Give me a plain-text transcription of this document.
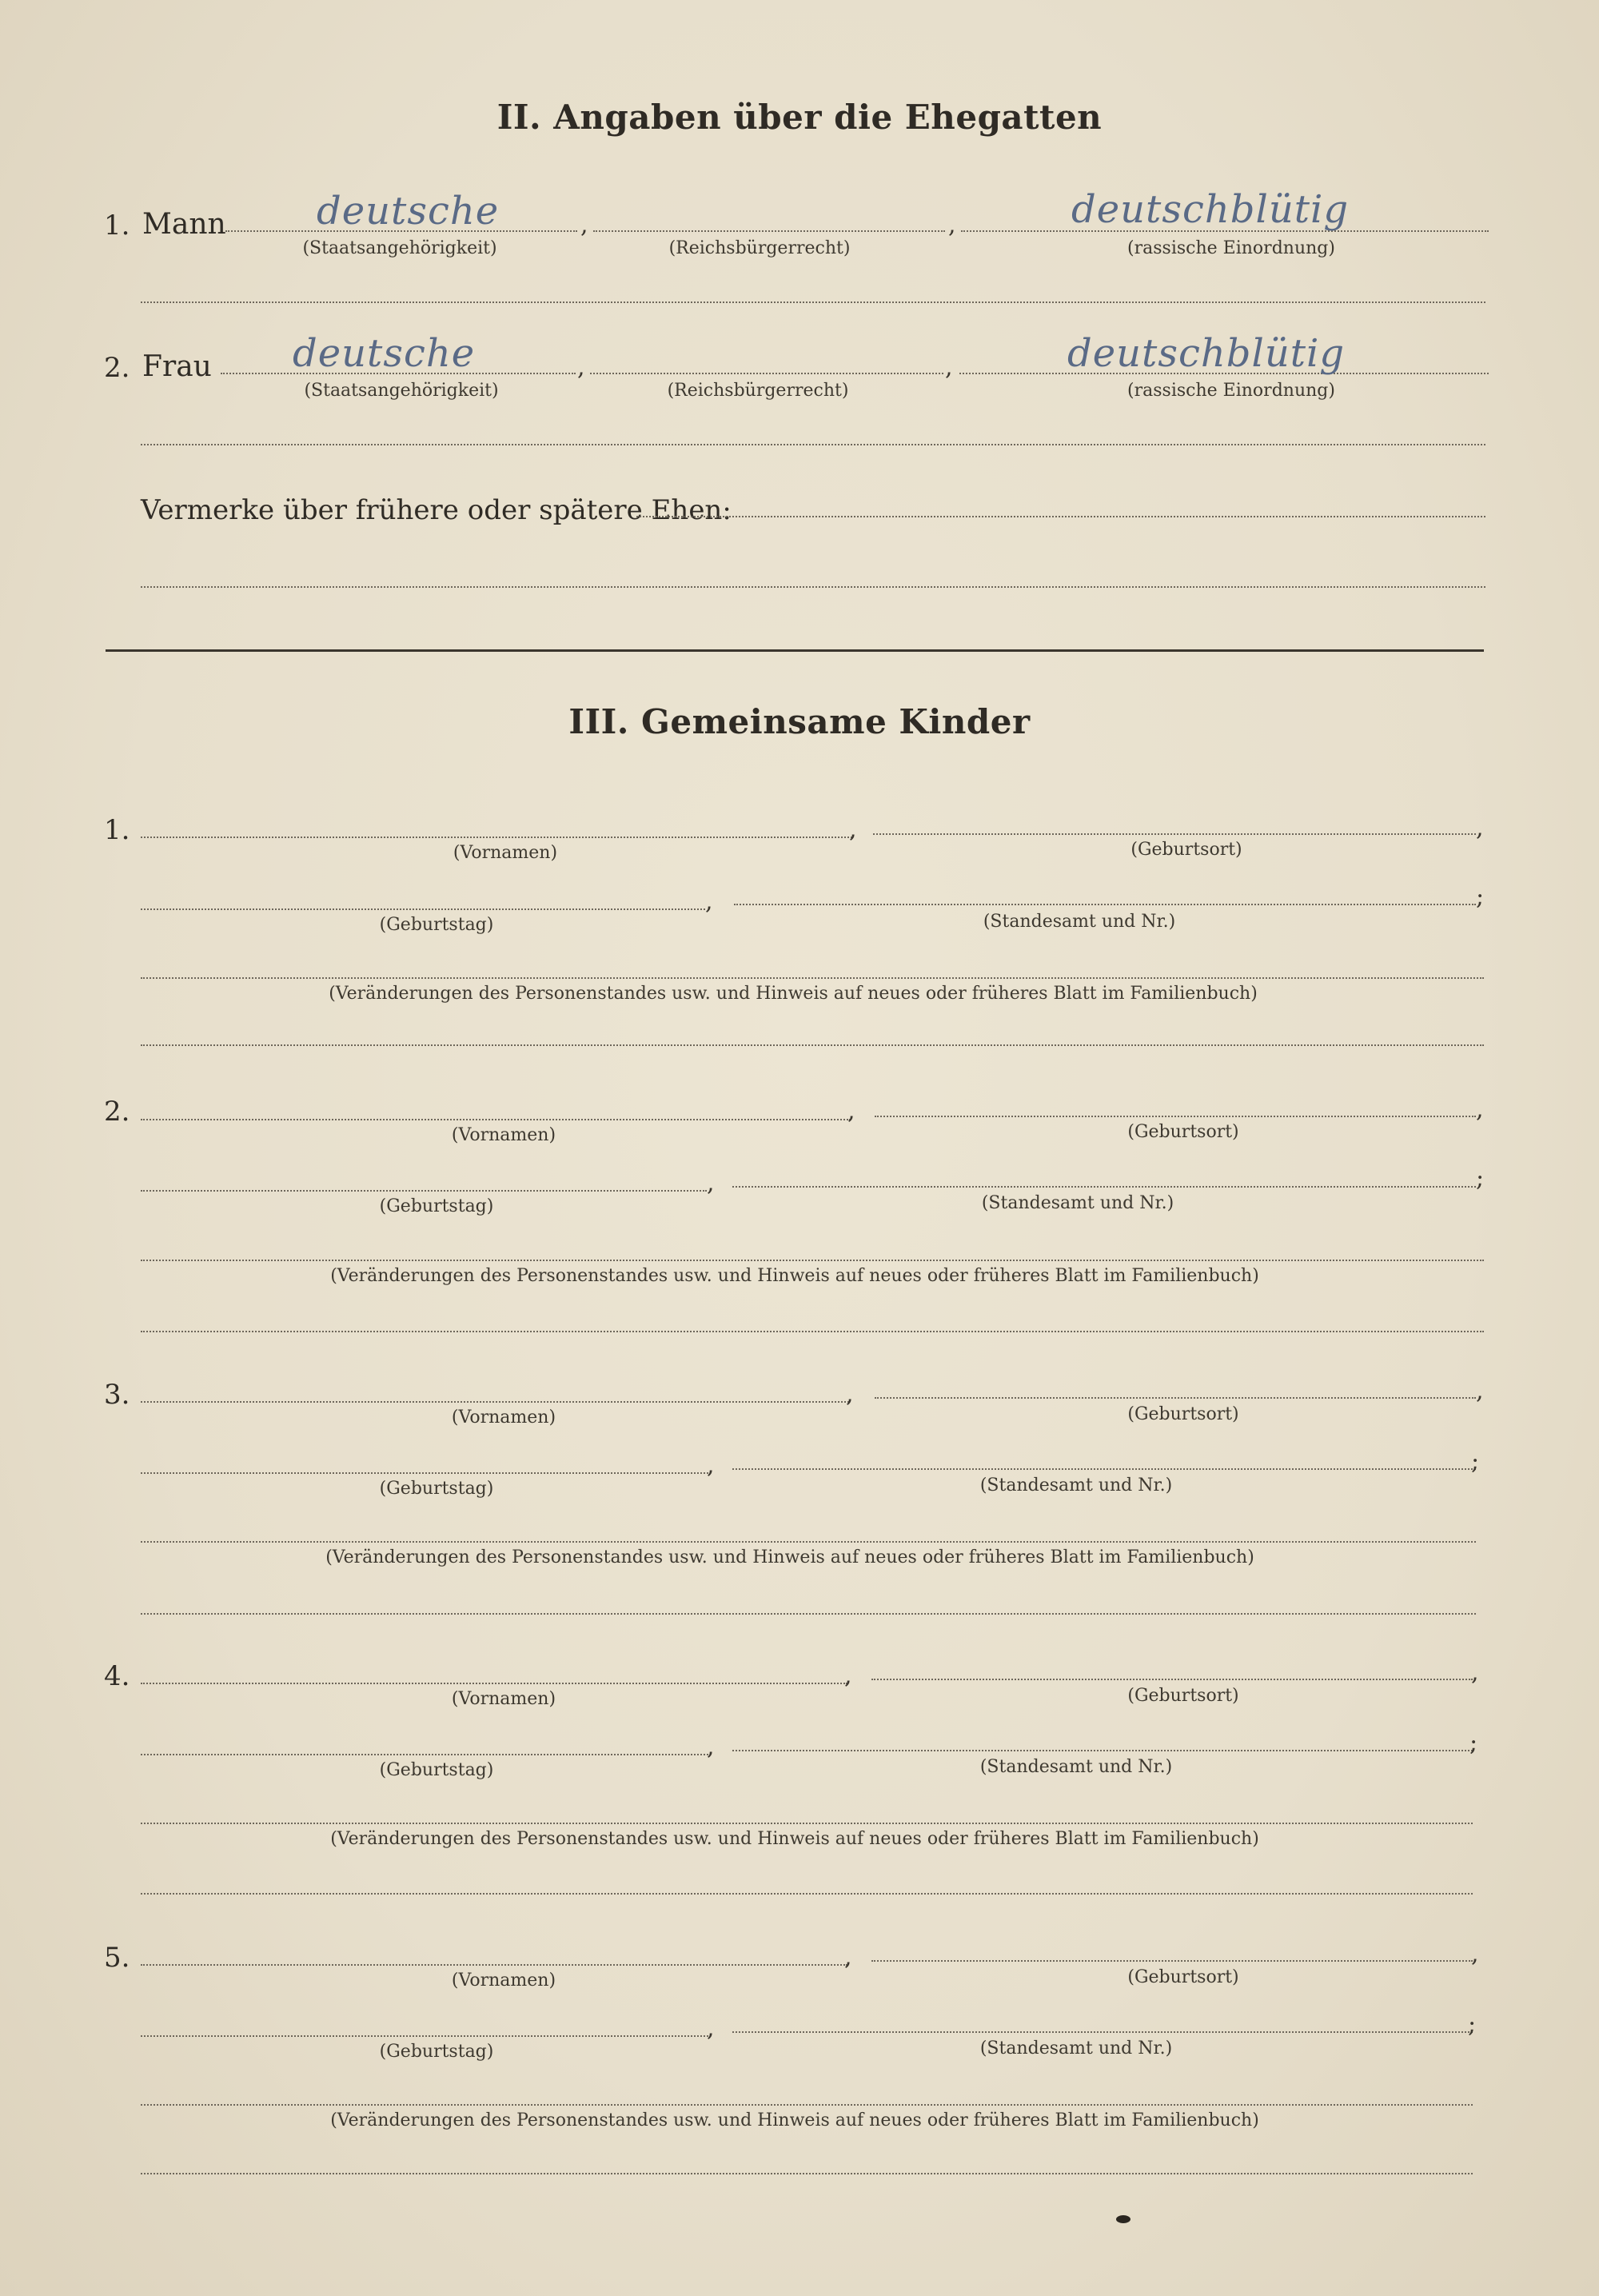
II. Angaben über die Ehegatten
1. Mann deutsche	,	,	deutschblütig
(Staatsangehörigkeit)	(Reichsbürgerrecht)	(rassische Einordnung)
2. Frau deutsche	,	,	deutschblütig
(Staatsangehörigkeit)	(Reichsbürgerrecht)	(rassische Einordnung)
Vermerke über frühere oder spätere Ehen:
III. Gemeinsame Kinder
1.	,	,
(Vornamen)	(Geburtsort)
,	;
(Geburtstag)	(Standesamt und Nr.)
(Veränderungen des Personenstandes usw. und Hinweis auf neues oder früheres Blatt im Familienbuch)
2.	,	,
(Vornamen)	(Geburtsort)
,	;
(Geburtstag)	(Standesamt und Nr.)
(Veränderungen des Personenstandes usw. und Hinweis auf neues oder früheres Blatt im Familienbuch)
3.	,	,
(Vornamen)	(Geburtsort)
,	;
(Geburtstag)	(Standesamt und Nr.)
(Veränderungen des Personenstandes usw. und Hinweis auf neues oder früheres Blatt im Familienbuch)
4.	,	,
(Vornamen)	(Geburtsort)
,	;
(Geburtstag)	(Standesamt und Nr.)
(Veränderungen des Personenstandes usw. und Hinweis auf neues oder früheres Blatt im Familienbuch)
5.	,	,
(Vornamen)	(Geburtsort)
,	;
(Geburtstag)	(Standesamt und Nr.)
(Veränderungen des Personenstandes usw. und Hinweis auf neues oder früheres Blatt im Familienbuch)
